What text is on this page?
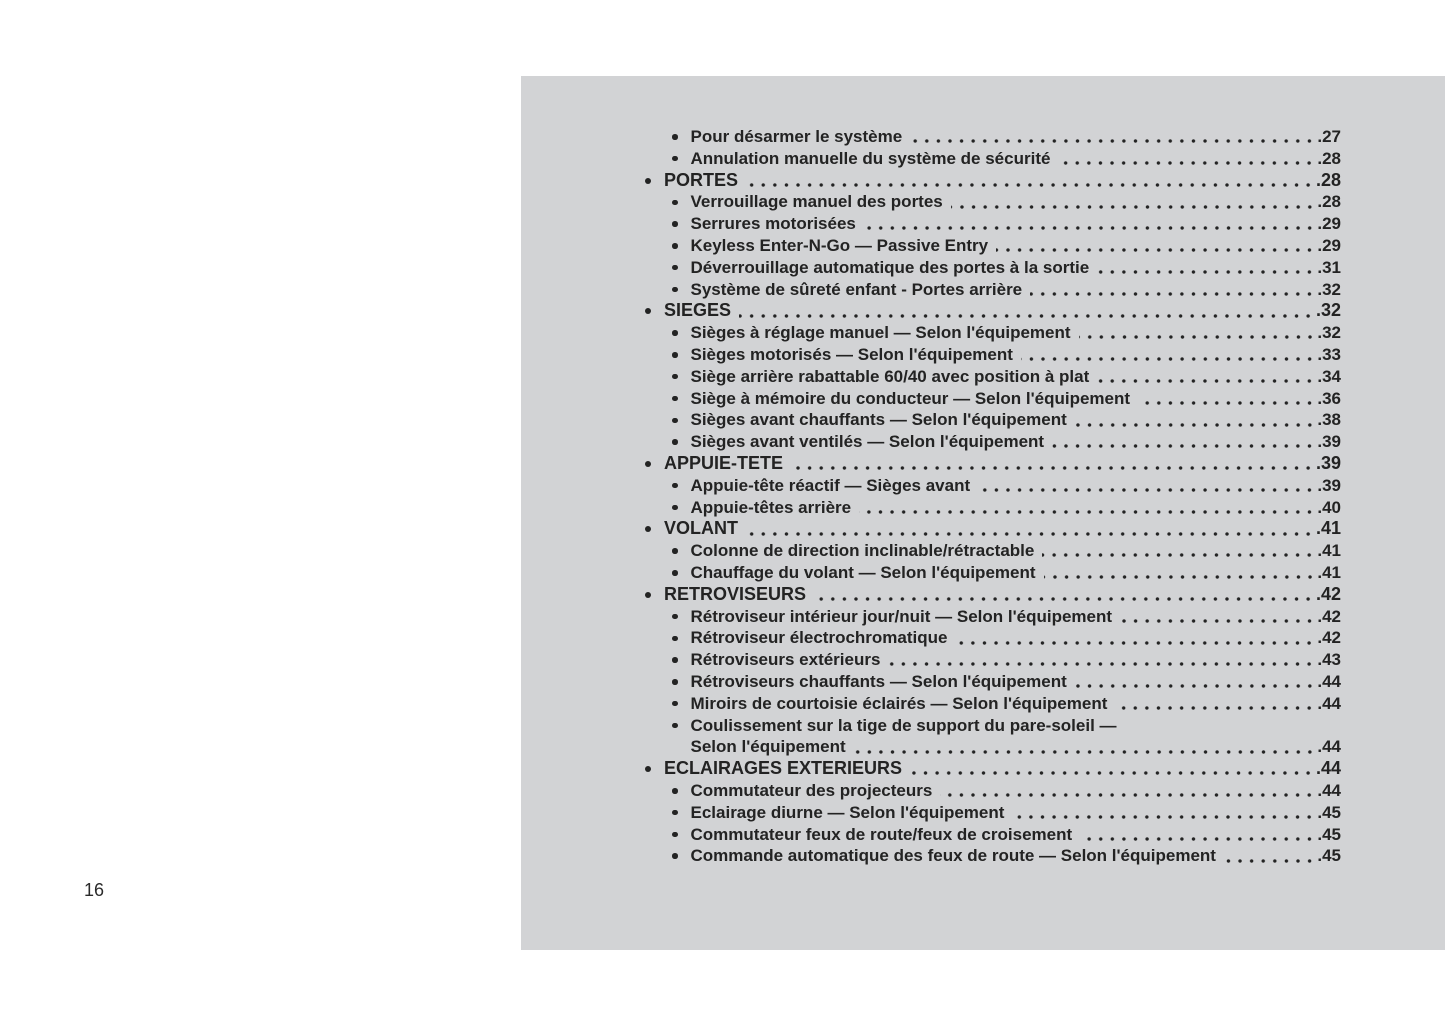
16
Pour désarmer le système	.27
Annulation manuelle du système de sécurité	.28
PORTES	.28
Verrouillage manuel des portes	.28
Serrures motorisées	.29
Keyless Enter-N-Go — Passive Entry	.29
Déverrouillage automatique des portes à la sortie	.31
Système de sûreté enfant - Portes arrière	.32
SIEGES	.32
Sièges à réglage manuel — Selon l'équipement	.32
Sièges motorisés — Selon l'équipement	.33
Siège arrière rabattable 60/40 avec position à plat	.34
Siège à mémoire du conducteur — Selon l'équipement	.36
Sièges avant chauffants — Selon l'équipement	.38
Sièges avant ventilés — Selon l'équipement	.39
APPUIE-TETE	.39
Appuie-tête réactif — Sièges avant	.39
Appuie-têtes arrière	.40
VOLANT	.41
Colonne de direction inclinable/rétractable	.41
Chauffage du volant — Selon l'équipement	.41
RETROVISEURS	.42
Rétroviseur intérieur jour/nuit — Selon l'équipement	.42
Rétroviseur électrochromatique	.42
Rétroviseurs extérieurs	.43
Rétroviseurs chauffants — Selon l'équipement	.44
Miroirs de courtoisie éclairés — Selon l'équipement	.44
Coulissement sur la tige de support du pare-soleil —
Selon l'équipement	.44
ECLAIRAGES EXTERIEURS	.44
Commutateur des projecteurs	.44
Eclairage diurne — Selon l'équipement	.45
Commutateur feux de route/feux de croisement	.45
Commande automatique des feux de route — Selon l'équipement	.45
